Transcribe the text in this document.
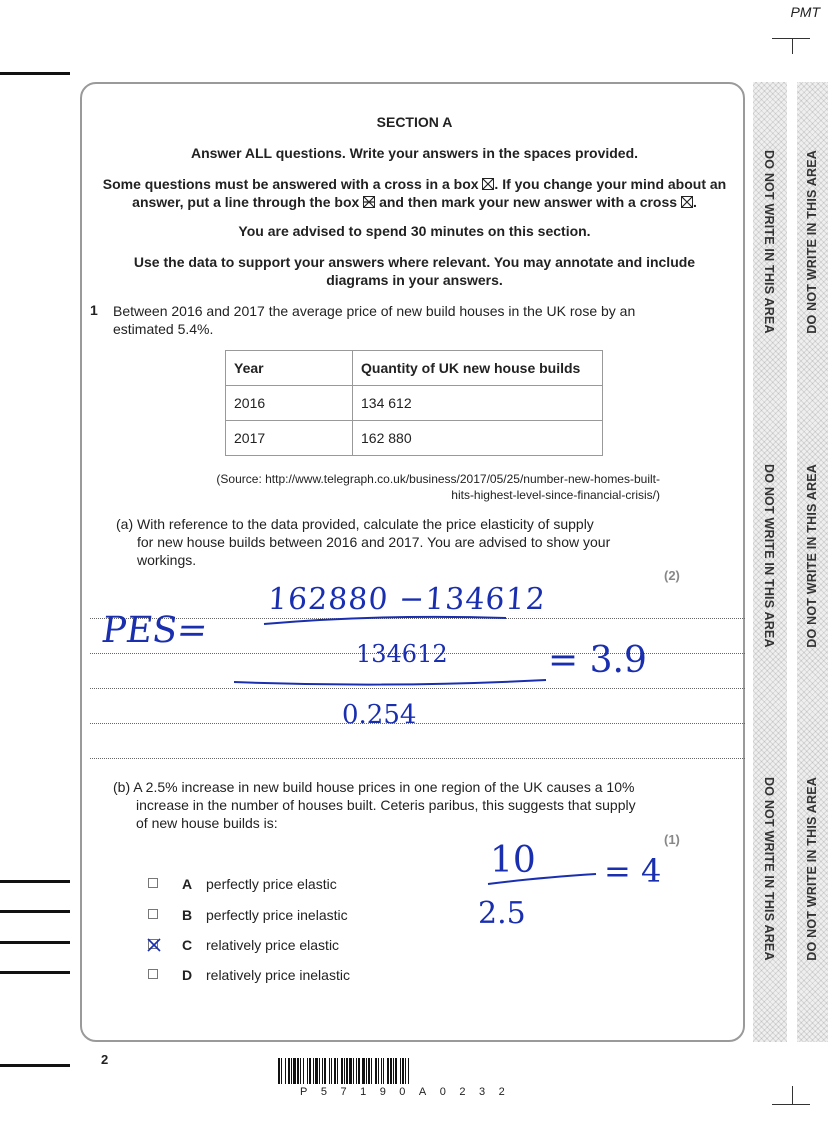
PMT
DO NOT WRITE IN THIS AREA
DO NOT WRITE IN THIS AREA
DO NOT WRITE IN THIS AREA
DO NOT WRITE IN THIS AREA
DO NOT WRITE IN THIS AREA
DO NOT WRITE IN THIS AREA
SECTION A
Answer ALL questions. Write your answers in the spaces provided.
Some questions must be answered with a cross in a box ☒. If you change your mind about an
answer, put a line through the box and then mark your new answer with a cross ☒.
You are advised to spend 30 minutes on this section.
Use the data to support your answers where relevant. You may annotate and include
diagrams in your answers.
1 Between 2016 and 2017 the average price of new build houses in the UK rose by an
estimated 5.4%.
Year	Quantity of UK new house builds
2016	134 612
2017	162 880
(Source: http://www.telegraph.co.uk/business/2017/05/25/number-new-homes-built-
hits-highest-level-since-financial-crisis/)
(a) With reference to the data provided, calculate the price elasticity of supply
for new house builds between 2016 and 2017. You are advised to show your
workings.
(2)
162880 −134612
PES=
134612	= 3.9
0.254
(b) A 2.5% increase in new build house prices in one region of the UK causes a 10%
increase in the number of houses built. Ceteris paribus, this suggests that supply
of new house builds is:
(1)
A perfectly price elastic
B perfectly price inelastic
C relatively price elastic
D relatively price inelastic
10
2.5
= 4
2
P57190A0232
